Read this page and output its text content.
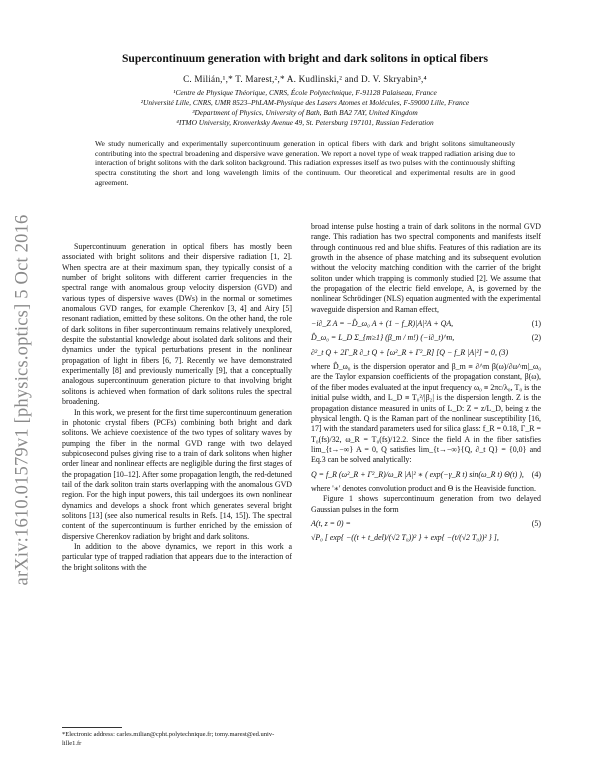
arXiv:1610.01579v1 [physics.optics] 5 Oct 2016
Supercontinuum generation with bright and dark solitons in optical fibers
C. Milián,¹,* T. Marest,²,* A. Kudlinski,² and D. V. Skryabin³,⁴
¹Centre de Physique Théorique, CNRS, École Polytechnique, F-91128 Palaiseau, France
²Université Lille, CNRS, UMR 8523–PhLAM-Physique des Lasers Atomes et Molécules, F-59000 Lille, France
³Department of Physics, University of Bath, Bath BA2 7AY, United Kingdom
⁴ITMO University, Kronverksky Avenue 49, St. Petersburg 197101, Russian Federation
We study numerically and experimentally supercontinuum generation in optical fibers with dark and bright solitons simultaneously contributing into the spectral broadening and dispersive wave generation. We report a novel type of weak trapped radiation arising due to interaction of bright solitons with the dark soliton background. This radiation expresses itself as two pulses with the continuously shifting spectra constituting the short and long wavelength limits of the continuum. Our theoretical and experimental results are in good agreement.

Supercontinuum generation in optical fibers has mostly been associated with bright solitons and their dispersive radiation [1, 2]. When spectra are at their maximum span, they typically consist of a number of bright solitons with different carrier frequencies in the spectral range with anomalous group velocity dispersion (GVD) and various types of dispersive waves (DWs) in the normal or sometimes anomalous GVD ranges, for example Cherenkov [3, 4] and Airy [5] resonant radiation, emitted by these solitons. On the other hand, the role of dark solitons in fiber supercontinuum remains relatively unexplored, despite the substantial knowledge about isolated dark solitons and their dynamics under the typical perturbations present in the nonlinear propagation of light in fibers [6, 7]. Recently we have demonstrated experimentally [8] and previously numerically [9], that a conceptually analogous supercontinuum generation picture to that involving bright solitons is achieved when formation of dark solitons rules the spectral broadening.

In this work, we present for the first time supercontinuum generation in photonic crystal fibers (PCFs) combining both bright and dark solitons. We achieve coexistence of the two types of solitary waves by pumping the fiber in the normal GVD range with two delayed subpicosecond pulses giving rise to a train of dark solitons when higher order linear and nonlinear effects are negligible during the first stages of the propagation [10–12]. After some propagation length, the red-detuned tail of the dark soliton train starts overlapping with the anomalous GVD region. For the high input powers, this tail undergoes its own nonlinear dynamics and develops a shock front which generates several bright solitons [13] (see also numerical results in Refs. [14, 15]). The spectral content of the supercontinuum is further enriched by the emission of dispersive Cherenkov radiation by bright and dark solitons.

In addition to the above dynamics, we report in this work a particular type of trapped radiation that appears due to the interaction of the bright solitons with the

*Electronic address: carles.milian@cpht.polytechnique.fr; tomy.marest@ed.univ-lille1.fr

broad intense pulse hosting a train of dark solitons in the normal GVD range. This radiation has two spectral components and manifests itself through continuous red and blue shifts. Features of this radiation are its growth in the absence of phase matching and its subsequent evolution without the velocity matching condition with the carrier of the bright soliton under which trapping is commonly studied [2]. We assume that the propagation of the electric field envelope, A, is governed by the nonlinear Schrödinger (NLS) equation augmented with the experimental waveguide dispersion and Raman effect,

−i∂_Z A = −D̂_ω₀ A + (1 − f_R)|A|²A + QA,	(1)
D̂_ω₀ = L_D Σ_{m≥1} (β_m / m!) (−i∂_t)^m,	(2)
∂²_t Q + 2Γ_R ∂_t Q + [ω²_R + Γ²_R] [Q − f_R |A|²] = 0, (3)

where D̂_ω₀ is the dispersion operator and β_m ≡ ∂^m β(ω)/∂ω^m|_ω₀ are the Taylor expansion coefficients of the propagation constant, β(ω), of the fiber modes evaluated at the input frequency ω₀ ≡ 2πc/λ₀, T₀ is the initial pulse width, and L_D ≡ T₀²/|β₂| is the dispersion length. Z is the propagation distance measured in units of L_D: Z = z/L_D, being z the physical length. Q is the Raman part of the nonlinear susceptibility [16, 17] with the standard parameters used for silica glass: f_R = 0.18, Γ_R = T₀(fs)/32, ω_R = T₀(fs)/12.2. Since the field A in the fiber satisfies lim_{t→−∞} A = 0, Q satisfies lim_{t→−∞}{Q, ∂_t Q} = {0,0} and Eq.3 can be solved analytically:

Q = f_R (ω²_R + Γ²_R)/ω_R |A|² ∗ ( exp(−γ_R t) sin(ω_R t) Θ(t) ), (4)

where '∗' denotes convolution product and Θ is the Heaviside function.

Figure 1 shows supercontinuum generation from two delayed Gaussian pulses in the form

A(t, z = 0) =	(5)
√P₀ [ exp{ −((t + t_del)/(√2 T₀))² } + exp{ −(t/(√2 T₀))² } ],
